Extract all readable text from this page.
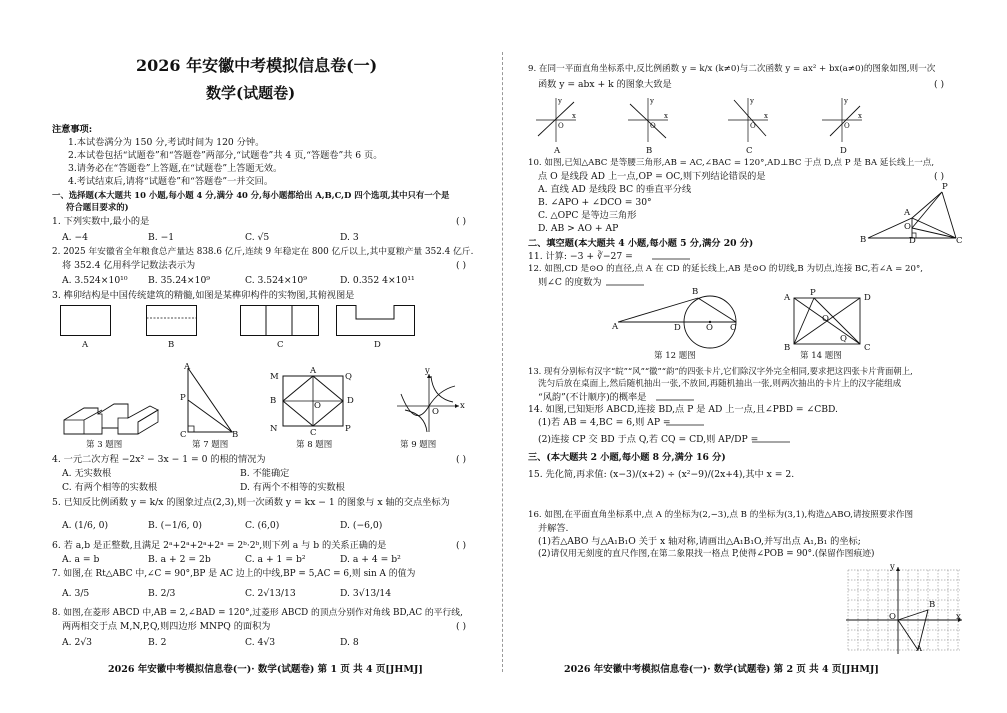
2026 年安徽中考模拟信息卷(一)
数学(试题卷)
注意事项:
1.本试卷满分为 150 分,考试时间为 120 分钟。
2.本试卷包括“试题卷”和“答题卷”两部分,“试题卷”共 4 页,“答题卷”共 6 页。
3.请务必在“答题卷”上答题,在“试题卷”上答题无效。
4.考试结束后,请将“试题卷”和“答题卷”一并交回。
一、选择题(本大题共 10 小题,每小题 4 分,满分 40 分,每小题都给出 A,B,C,D 四个选项,其中只有一个是
符合题目要求的)
1. 下列实数中,最小的是	( )
A. −4	B. −1	C. √5	D. 3
2. 2025 年安徽省全年粮食总产量达 838.6 亿斤,连续 9 年稳定在 800 亿斤以上,其中夏粮产量 352.4 亿斤.
将 352.4 亿用科学记数法表示为	( )
A. 3.524×10¹⁰ B. 35.24×10⁹	C. 3.524×10⁹	D. 0.352 4×10¹¹
3. 榫卯结构是中国传统建筑的精髓,如图是某榫卯构件的实物图,其俯视图是
A	B	C	D
第 3 题图
A
P
C	B
第 7 题图
M
A
Q
B	O	D
N	C	P
第 8 题图
y
O
x
第 9 题图
4. 一元二次方程 −2x² − 3x − 1 = 0 的根的情况为	( )
A. 无实数根	B. 不能确定
C. 有两个相等的实数根	D. 有两个不相等的实数根
5. 已知反比例函数 y = k/x 的图象过点(2,3),则一次函数 y = kx − 1 的图象与 x 轴的交点坐标为
A. (1/6, 0)	B. (−1/6, 0)	C. (6,0)	D. (−6,0)
6. 若 a,b 是正整数,且满足 2ᵃ+2ᵃ+2ᵃ+2ᵃ = 2ᵇ·2ᵇ,则下列 a 与 b 的关系正确的是	( )
A. a = b	B. a + 2 = 2b	C. a + 1 = b²	D. a + 4 = b²
7. 如图,在 Rt△ABC 中,∠C = 90°,BP 是 AC 边上的中线,BP = 5,AC = 6,则 sin A 的值为
A. 3/5	B. 2/3	C. 2√13/13	D. 3√13/14
8. 如图,在菱形 ABCD 中,AB = 2,∠BAD = 120°,过菱形 ABCD 的顶点分别作对角线 BD,AC 的平行线,
两两相交于点 M,N,P,Q,则四边形 MNPQ 的面积为	( )
A. 2√3	B. 2	C. 4√3	D. 8
2026 年安徽中考模拟信息卷(一)· 数学(试题卷) 第 1 页 共 4 页[JHMJ]
9. 在同一平面直角坐标系中,反比例函数 y = k/x (k≠0)与二次函数 y = ax² + bx(a≠0)的图象如图,则一次
函数 y = abx + k 的图象大致是	( )
O
y
x
A
O
y
x
B
O
y
x
C
O
y
x
D
10. 如图,已知△ABC 是等腰三角形,AB = AC,∠BAC = 120°,AD⊥BC 于点 D,点 P 是 BA 延长线上一点,
点 O 是线段 AD 上一点,OP = OC,则下列结论错误的是	( )
A. 直线 AD 是线段 BC 的垂直平分线
B. ∠APO + ∠DCO = 30°
C. △OPC 是等边三角形
D. AB > AO + AP
P
A
O
B	D	C
二、填空题(本大题共 4 小题,每小题 5 分,满分 20 分)
11. 计算: −3 + ∛−27 =
12. 如图,CD 是⊙O 的直径,点 A 在 CD 的延长线上,AB 是⊙O 的切线,B 为切点,连接 BC,若∠A = 20°,
则∠C 的度数为
A
B
D	O C
第 12 题图
A P	D
O
B
Q
C
第 14 题图
13. 现有分别标有汉字“皖”“风”“徽”“韵”的四张卡片,它们除汉字外完全相同,要求把这四张卡片背面朝上,
洗匀后放在桌面上,然后随机抽出一张,不放回,再随机抽出一张,则两次抽出的卡片上的汉字能组成
“风韵”(不计顺序)的概率是
14. 如图,已知矩形 ABCD,连接 BD,点 P 是 AD 上一点,且∠PBD = ∠CBD.
(1)若 AB = 4,BC = 6,则 AP =
(2)连接 CP 交 BD 于点 Q,若 CQ = CD,则 AP/DP =
三、(本大题共 2 小题,每小题 8 分,满分 16 分)
15. 先化简,再求值: (x−3)/(x+2) ÷ (x²−9)/(2x+4),其中 x = 2.
16. 如图,在平面直角坐标系中,点 A 的坐标为(2,−3),点 B 的坐标为(3,1),构造△ABO,请按照要求作图
并解答.
(1)若△ABO 与△A₁B₁O 关于 x 轴对称,请画出△A₁B₁O,并写出点 A₁,B₁ 的坐标;
(2)请仅用无刻度的直尺作图,在第二象限找一格点 P,使得∠POB = 90°.(保留作图痕迹)
y
B
O	x
A
2026 年安徽中考模拟信息卷(一)· 数学(试题卷) 第 2 页 共 4 页[JHMJ]
